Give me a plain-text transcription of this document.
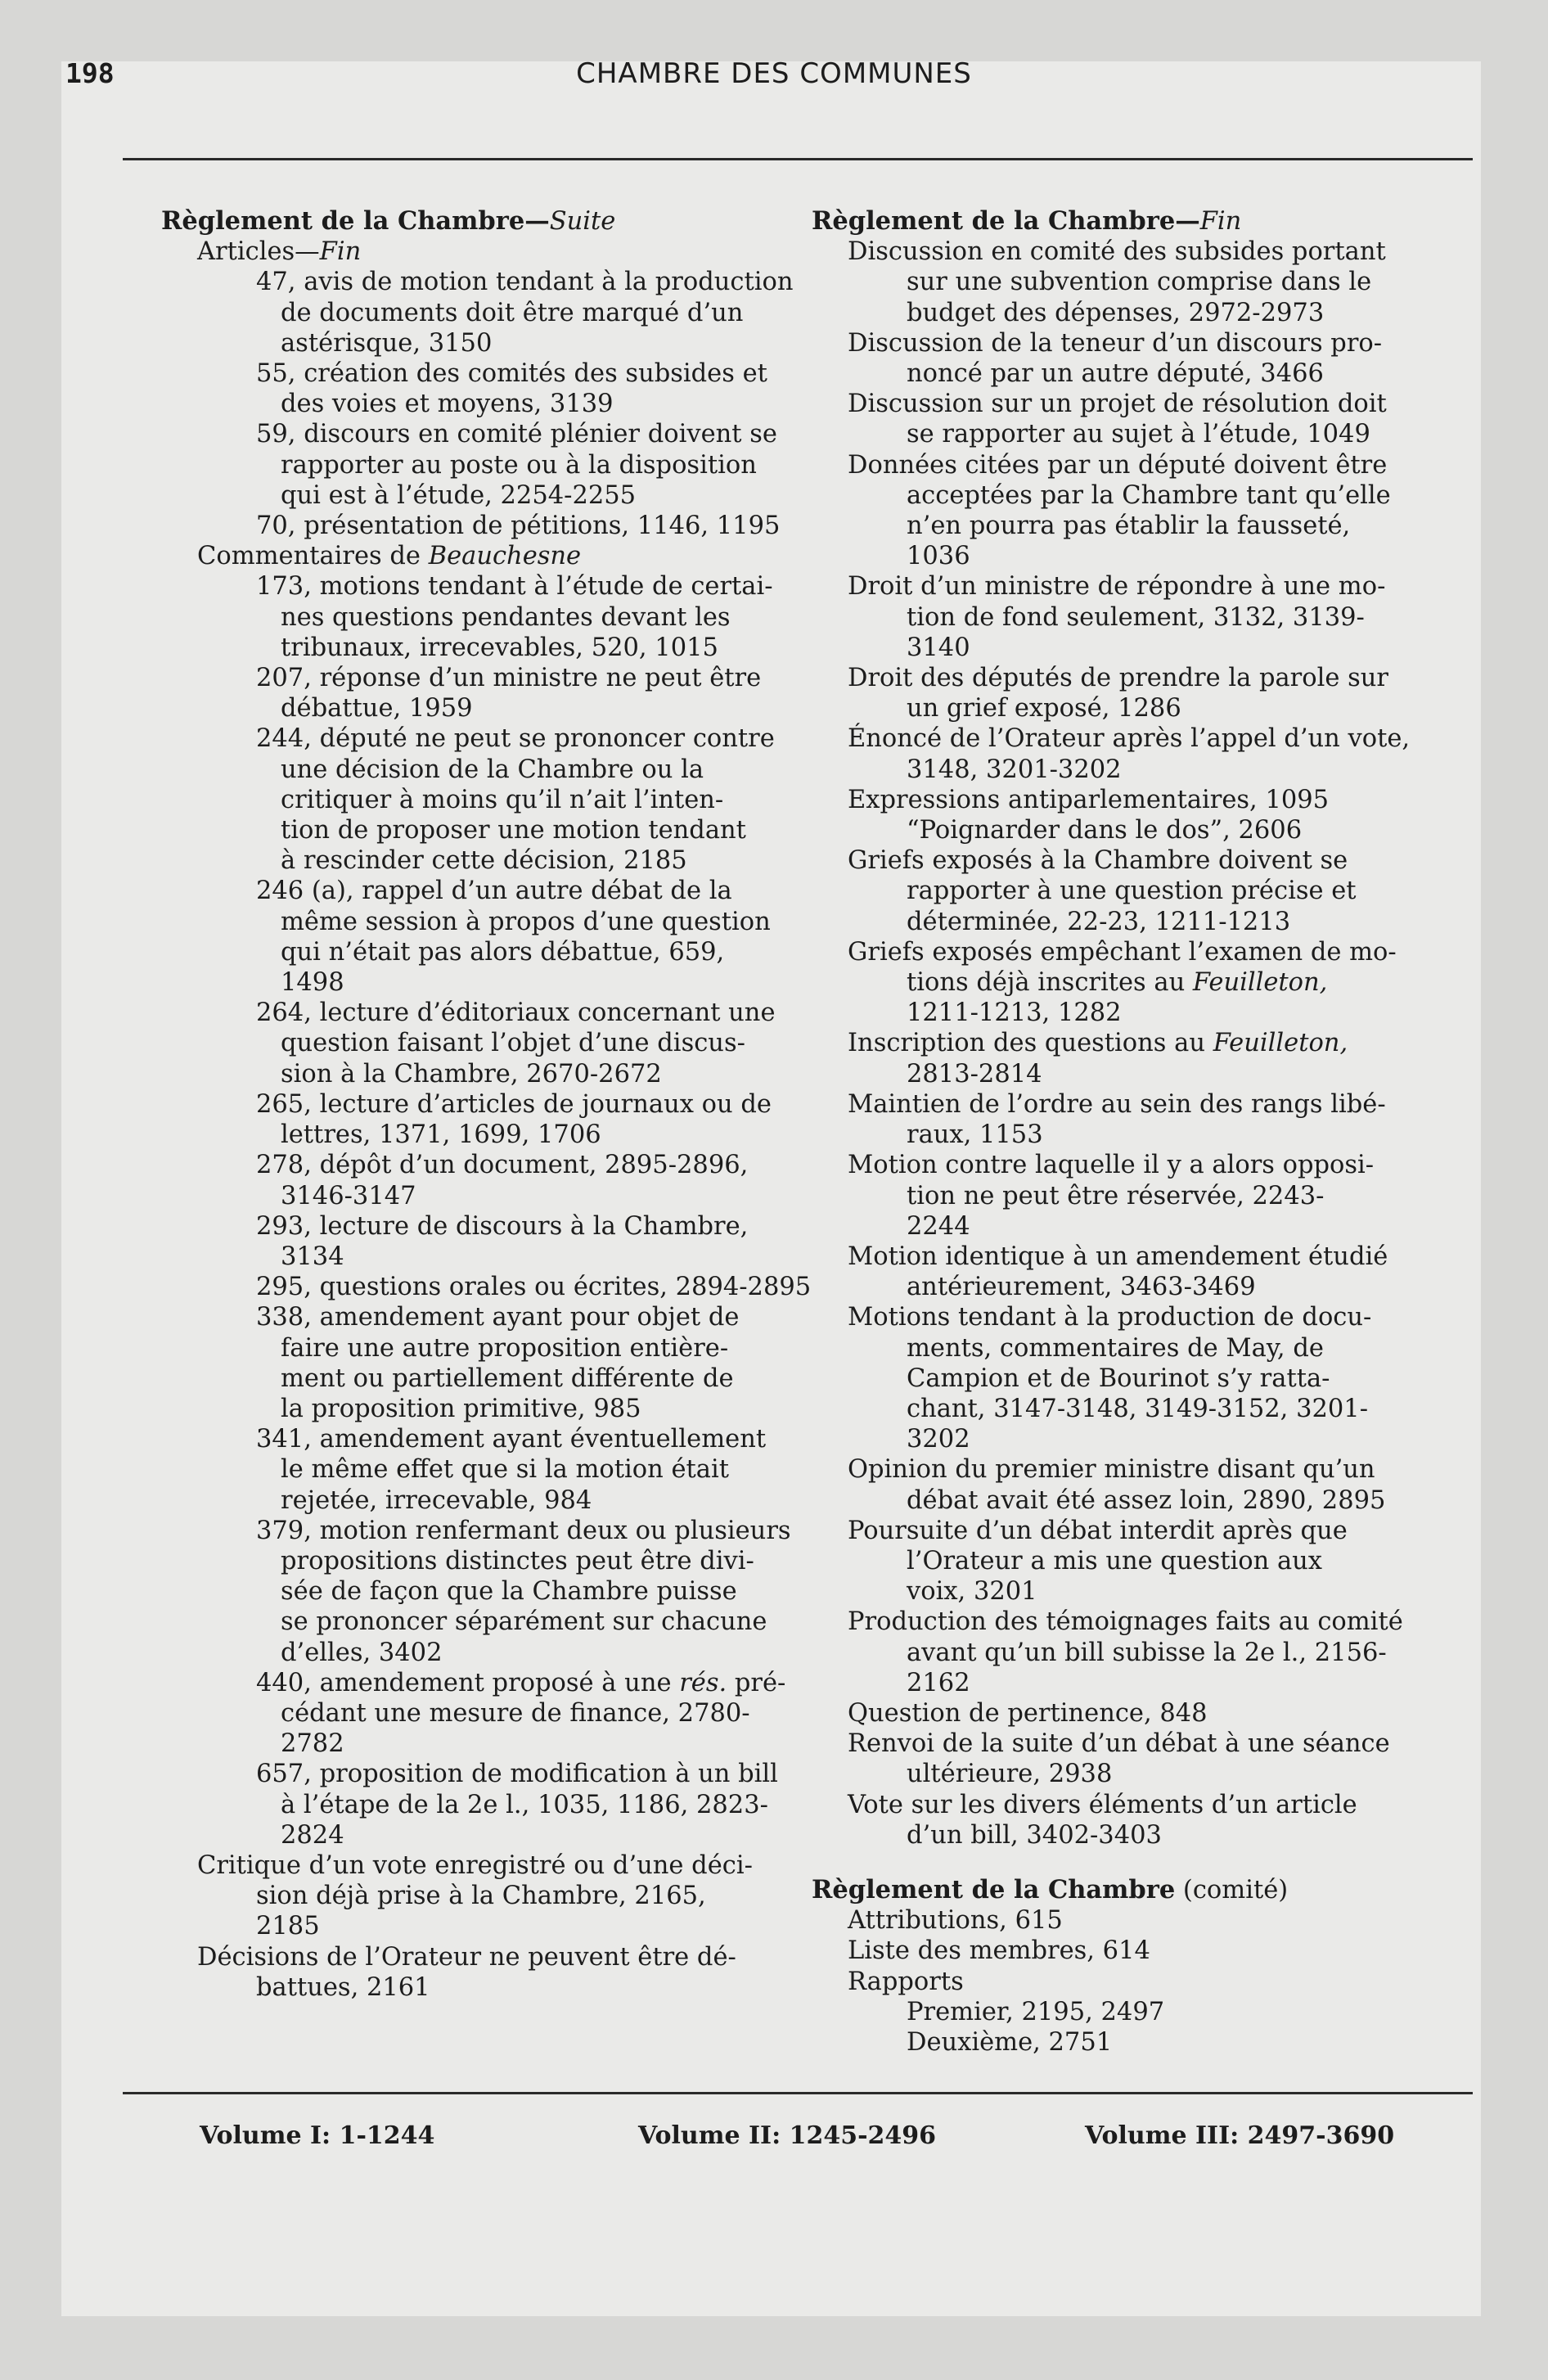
198	CHAMBRE DES COMMUNES
Règlement de la Chambre—Suite
Articles—Fin
47, avis de motion tendant à la production
de documents doit être marqué d’un
astérisque, 3150
55, création des comités des subsides et
des voies et moyens, 3139
59, discours en comité plénier doivent se
rapporter au poste ou à la disposition
qui est à l’étude, 2254-2255
70, présentation de pétitions, 1146, 1195
Commentaires de Beauchesne
173, motions tendant à l’étude de certai-
nes questions pendantes devant les
tribunaux, irrecevables, 520, 1015
207, réponse d’un ministre ne peut être
débattue, 1959
244, député ne peut se prononcer contre
une décision de la Chambre ou la
critiquer à moins qu’il n’ait l’inten-
tion de proposer une motion tendant
à rescinder cette décision, 2185
246 (a), rappel d’un autre débat de la
même session à propos d’une question
qui n’était pas alors débattue, 659,
1498
264, lecture d’éditoriaux concernant une
question faisant l’objet d’une discus-
sion à la Chambre, 2670-2672
265, lecture d’articles de journaux ou de
lettres, 1371, 1699, 1706
278, dépôt d’un document, 2895-2896,
3146-3147
293, lecture de discours à la Chambre,
3134
295, questions orales ou écrites, 2894-2895
338, amendement ayant pour objet de
faire une autre proposition entière-
ment ou partiellement différente de
la proposition primitive, 985
341, amendement ayant éventuellement
le même effet que si la motion était
rejetée, irrecevable, 984
379, motion renfermant deux ou plusieurs
propositions distinctes peut être divi-
sée de façon que la Chambre puisse
se prononcer séparément sur chacune
d’elles, 3402
440, amendement proposé à une rés. pré-
cédant une mesure de finance, 2780-
2782
657, proposition de modification à un bill
à l’étape de la 2e l., 1035, 1186, 2823-
2824
Critique d’un vote enregistré ou d’une déci-
sion déjà prise à la Chambre, 2165,
2185
Décisions de l’Orateur ne peuvent être dé-
battues, 2161
Règlement de la Chambre—Fin
Discussion en comité des subsides portant
sur une subvention comprise dans le
budget des dépenses, 2972-2973
Discussion de la teneur d’un discours pro-
noncé par un autre député, 3466
Discussion sur un projet de résolution doit
se rapporter au sujet à l’étude, 1049
Données citées par un député doivent être
acceptées par la Chambre tant qu’elle
n’en pourra pas établir la fausseté,
1036
Droit d’un ministre de répondre à une mo-
tion de fond seulement, 3132, 3139-
3140
Droit des députés de prendre la parole sur
un grief exposé, 1286
Énoncé de l’Orateur après l’appel d’un vote,
3148, 3201-3202
Expressions antiparlementaires, 1095
“Poignarder dans le dos”, 2606
Griefs exposés à la Chambre doivent se
rapporter à une question précise et
déterminée, 22-23, 1211-1213
Griefs exposés empêchant l’examen de mo-
tions déjà inscrites au Feuilleton,
1211-1213, 1282
Inscription des questions au Feuilleton,
2813-2814
Maintien de l’ordre au sein des rangs libé-
raux, 1153
Motion contre laquelle il y a alors opposi-
tion ne peut être réservée, 2243-
2244
Motion identique à un amendement étudié
antérieurement, 3463-3469
Motions tendant à la production de docu-
ments, commentaires de May, de
Campion et de Bourinot s’y ratta-
chant, 3147-3148, 3149-3152, 3201-
3202
Opinion du premier ministre disant qu’un
débat avait été assez loin, 2890, 2895
Poursuite d’un débat interdit après que
l’Orateur a mis une question aux
voix, 3201
Production des témoignages faits au comité
avant qu’un bill subisse la 2e l., 2156-
2162
Question de pertinence, 848
Renvoi de la suite d’un débat à une séance
ultérieure, 2938
Vote sur les divers éléments d’un article
d’un bill, 3402-3403
Règlement de la Chambre (comité)
Attributions, 615
Liste des membres, 614
Rapports
Premier, 2195, 2497
Deuxième, 2751
Volume I: 1-1244	Volume II: 1245-2496	Volume III: 2497-3690
